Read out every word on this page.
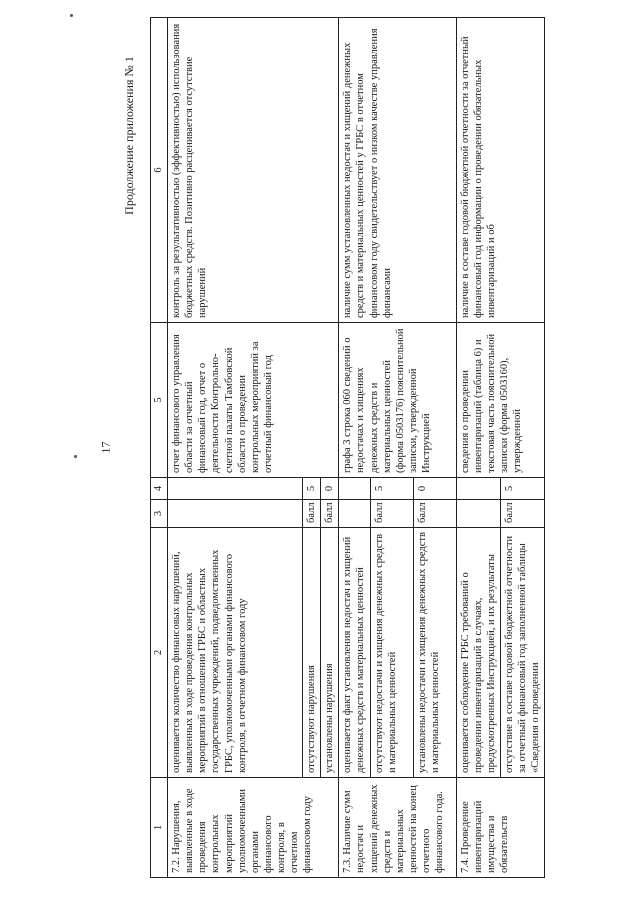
17
Продолжение приложения № 1
1	2	3	4	5	6
7.2. Нарушения, выявленные в ходе проведения контрольных мероприятий уполномоченными органами финансового контроля, в отчетном финансовом году	оценивается количество финансовых нарушений, выявленных в ходе проведения контрольных мероприятий в отношении ГРБС и областных государственных учреждений, подведомственных ГРБС, уполномоченными органами финансового контроля, в отчетном финансовом году			отчет финансового управления области за отчетный финансовый год, отчет о деятельности Контрольно-счетной палаты Тамбовской области о проведении контрольных мероприятий за отчетный финансовый год	контроль за результативностью (эффективностью) использования бюджетных средств. Позитивно расценивается отсутствие нарушений
	отсутствуют нарушения	балл	5		
	установлены нарушения	балл	0		
7.3. Наличие сумм недостач и хищений денежных средств и материальных ценностей на конец отчетного финансового года.	оценивается факт установления недостач и хищений денежных средств и материальных ценностей			графа 3 строка 060 сведений о недостачах и хищениях денежных средств и материальных ценностей (форма 0503176) пояснительной записки, утвержденной Инструкцией	наличие сумм установленных недостач и хищений денежных средств и материальных ценностей у ГРБС в отчетном финансовом году свидетельствует о низком качестве управления финансами
	отсутствуют недостачи и хищения денежных средств и материальных ценностей	балл	5		
	установлены недостачи и хищения денежных средств и материальных ценностей	балл	0		
7.4. Проведение инвентаризаций имущества и обязательств	оценивается соблюдение ГРБС требований о проведении инвентаризаций в случаях, предусмотренных Инструкцией, и их результаты			сведения о проведении инвентаризаций (таблица 6) и текстовая часть пояснительной записки (форма 0503160), утвержденной	наличие в составе годовой бюджетной отчетности за отчетный финансовый год информации о проведении обязательных инвентаризаций и об
	отсутствие в составе годовой бюджетной отчетности за отчетный финансовый год заполненной таблицы «Сведения о проведении	балл	5		
